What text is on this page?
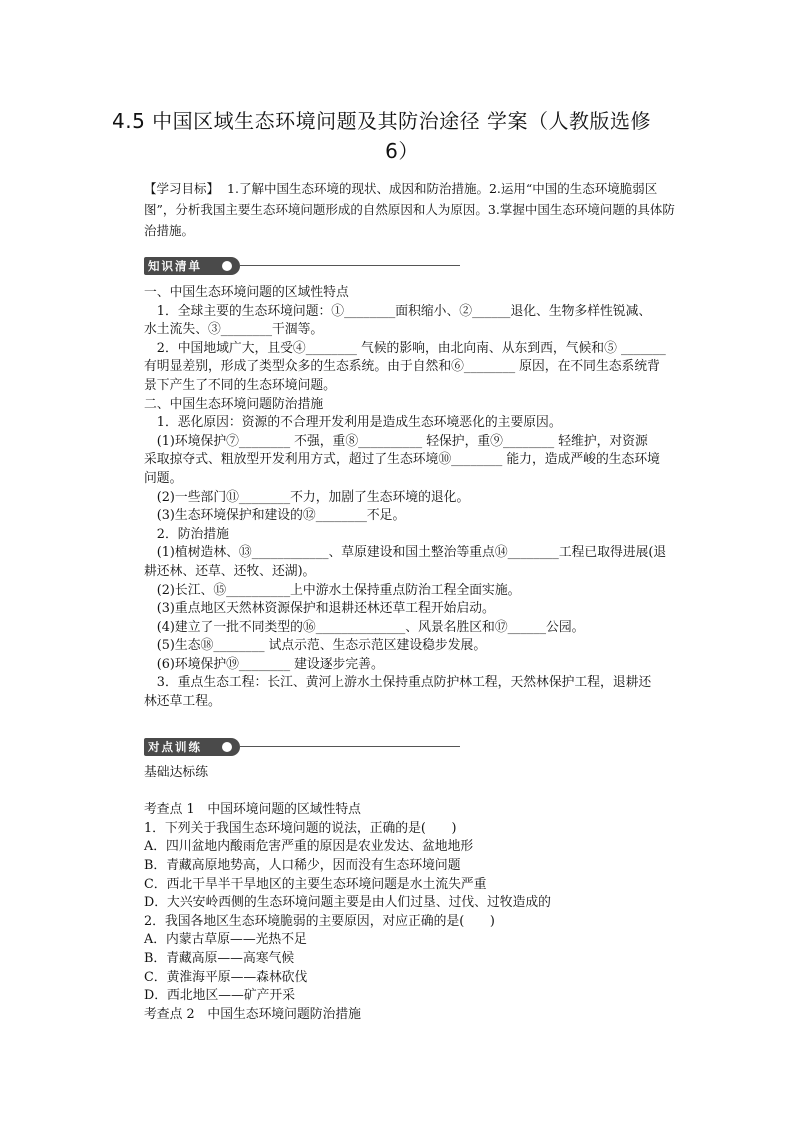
4.5 中国区域生态环境问题及其防治途径 学案（人教版选修
6）
【学习目标】 1.了解中国生态环境的现状、成因和防治措施。2.运用“中国的生态环境脆弱区图”，分析我国主要生态环境问题形成的自然原因和人为原因。3.掌握中国生态环境问题的具体防治措施。
知识清单

一、中国生态环境问题的区域性特点

　1．全球主要的生态环境问题：①________面积缩小、②______退化、生物多样性锐减、

水土流失、③________干涸等。

　2．中国地域广大，且受④________ 气候的影响，由北向南、从东到西，气候和⑤ _______

有明显差别，形成了类型众多的生态系统。由于自然和⑥________ 原因，在不同生态系统背

景下产生了不同的生态环境问题。

二、中国生态环境问题防治措施

　1．恶化原因：资源的不合理开发利用是造成生态环境恶化的主要原因。

　(1)环境保护⑦________ 不强，重⑧__________ 轻保护，重⑨________ 轻维护，对资源

采取掠夺式、粗放型开发利用方式，超过了生态环境⑩________ 能力，造成严峻的生态环境

问题。

　(2)一些部门⑪________不力，加剧了生态环境的退化。

　(3)生态环境保护和建设的⑫________不足。

　2．防治措施

　(1)植树造林、⑬____________、草原建设和国土整治等重点⑭________工程已取得进展(退

耕还林、还草、还牧、还湖)。

　(2)长江、⑮__________上中游水土保持重点防治工程全面实施。

　(3)重点地区天然林资源保护和退耕还林还草工程开始启动。

　(4)建立了一批不同类型的⑯______________、风景名胜区和⑰______公园。

　(5)生态⑱________ 试点示范、生态示范区建设稳步发展。

　(6)环境保护⑲________ 建设逐步完善。

　3．重点生态工程：长江、黄河上游水土保持重点防护林工程，天然林保护工程，退耕还

林还草工程。

对点训练

基础达标练

考查点 1　中国环境问题的区域性特点

1．下列关于我国生态环境问题的说法，正确的是(　　)

A．四川盆地内酸雨危害严重的原因是农业发达、盆地地形

B．青藏高原地势高，人口稀少，因而没有生态环境问题

C．西北干旱半干旱地区的主要生态环境问题是水土流失严重

D．大兴安岭西侧的生态环境问题主要是由人们过垦、过伐、过牧造成的

2．我国各地区生态环境脆弱的主要原因，对应正确的是(　　)

A．内蒙古草原——光热不足

B．青藏高原——高寒气候

C．黄淮海平原——森林砍伐

D．西北地区——矿产开采

考查点 2　中国生态环境问题防治措施
